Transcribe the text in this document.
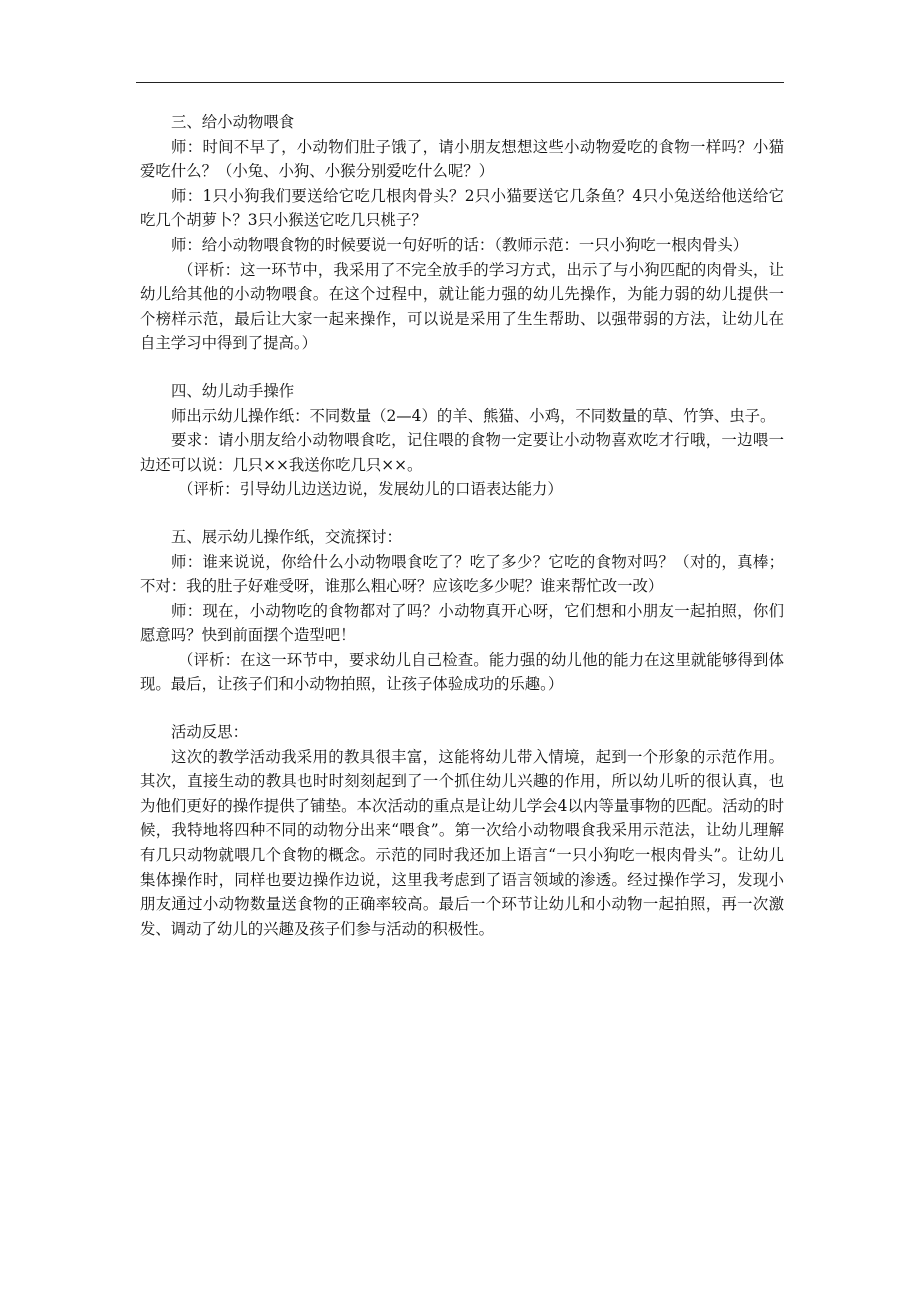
三、给小动物喂食

师：时间不早了，小动物们肚子饿了，请小朋友想想这些小动物爱吃的食物一样吗？小猫爱吃什么？（小兔、小狗、小猴分别爱吃什么呢？）

师：1只小狗我们要送给它吃几根肉骨头？2只小猫要送它几条鱼？4只小兔送给他送给它吃几个胡萝卜？3只小猴送它吃几只桃子？

师：给小动物喂食物的时候要说一句好听的话：（教师示范：一只小狗吃一根肉骨头）

（评析：这一环节中，我采用了不完全放手的学习方式，出示了与小狗匹配的肉骨头，让幼儿给其他的小动物喂食。在这个过程中，就让能力强的幼儿先操作，为能力弱的幼儿提供一个榜样示范，最后让大家一起来操作，可以说是采用了生生帮助、以强带弱的方法，让幼儿在自主学习中得到了提高。）

四、幼儿动手操作

师出示幼儿操作纸：不同数量（2—4）的羊、熊猫、小鸡，不同数量的草、竹笋、虫子。

要求：请小朋友给小动物喂食吃，记住喂的食物一定要让小动物喜欢吃才行哦，一边喂一边还可以说：几只××我送你吃几只××。

（评析：引导幼儿边送边说，发展幼儿的口语表达能力）

五、展示幼儿操作纸，交流探讨：

师：谁来说说，你给什么小动物喂食吃了？吃了多少？它吃的食物对吗？（对的，真棒；不对：我的肚子好难受呀，谁那么粗心呀？应该吃多少呢？谁来帮忙改一改）

师：现在，小动物吃的食物都对了吗？小动物真开心呀，它们想和小朋友一起拍照，你们愿意吗？快到前面摆个造型吧！

（评析：在这一环节中，要求幼儿自己检查。能力强的幼儿他的能力在这里就能够得到体现。最后，让孩子们和小动物拍照，让孩子体验成功的乐趣。）

活动反思：

这次的教学活动我采用的教具很丰富，这能将幼儿带入情境，起到一个形象的示范作用。其次，直接生动的教具也时时刻刻起到了一个抓住幼儿兴趣的作用，所以幼儿听的很认真，也为他们更好的操作提供了铺垫。本次活动的重点是让幼儿学会4以内等量事物的匹配。活动的时候，我特地将四种不同的动物分出来“喂食”。第一次给小动物喂食我采用示范法，让幼儿理解有几只动物就喂几个食物的概念。示范的同时我还加上语言“一只小狗吃一根肉骨头”。让幼儿集体操作时，同样也要边操作边说，这里我考虑到了语言领域的渗透。经过操作学习，发现小朋友通过小动物数量送食物的正确率较高。最后一个环节让幼儿和小动物一起拍照，再一次激发、调动了幼儿的兴趣及孩子们参与活动的积极性。
